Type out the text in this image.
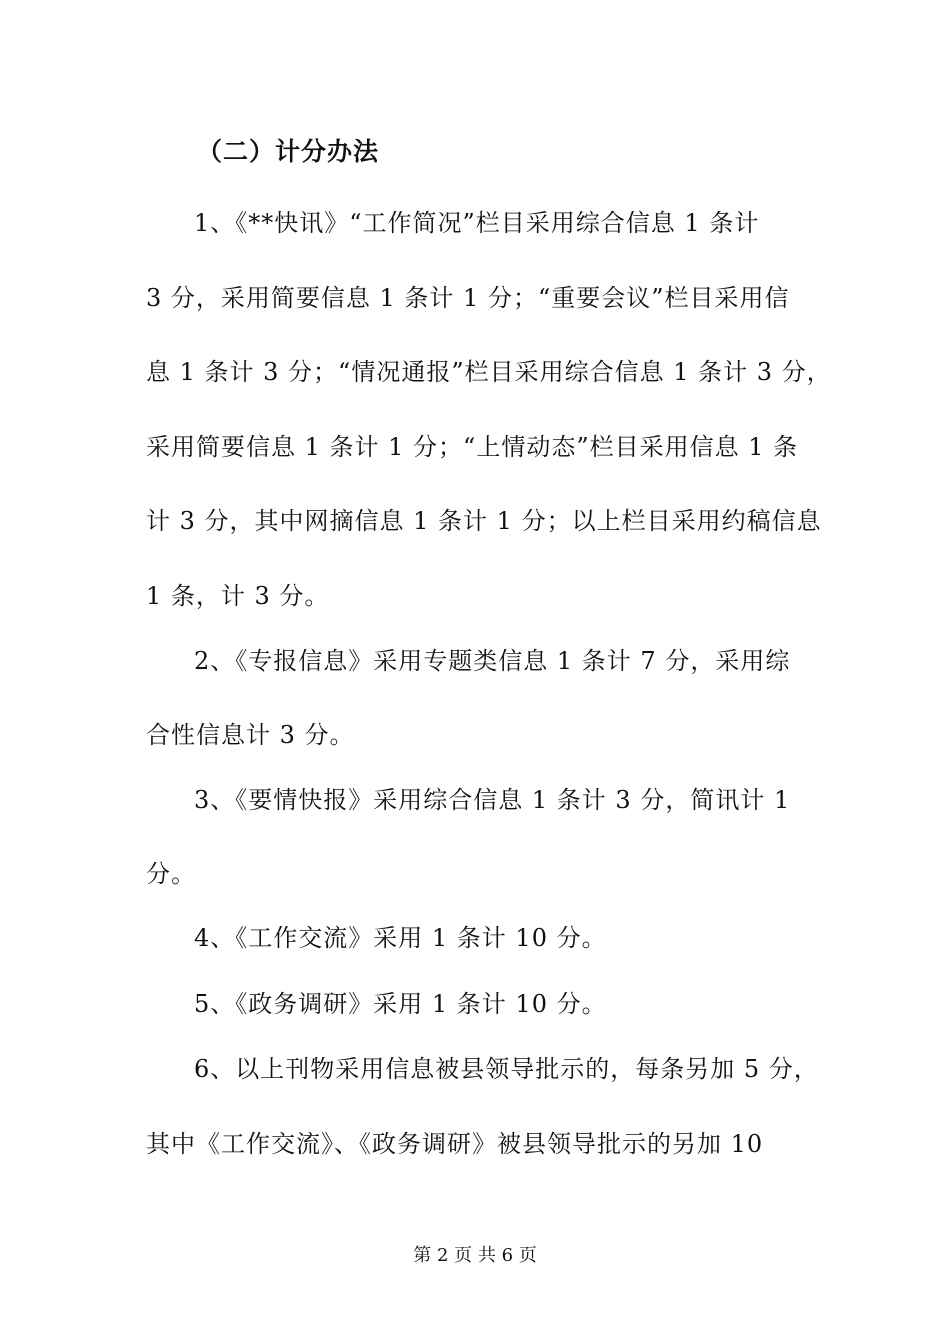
（二）计分办法
1、《**快讯》“工作简况”栏目采用综合信息 1 条计
3 分，采用简要信息 1 条计 1 分；“重要会议”栏目采用信
息 1 条计 3 分；“情况通报”栏目采用综合信息 1 条计 3 分，
采用简要信息 1 条计 1 分；“上情动态”栏目采用信息 1 条
计 3 分，其中网摘信息 1 条计 1 分；以上栏目采用约稿信息
1 条，计 3 分。
2、《专报信息》采用专题类信息 1 条计 7 分，采用综
合性信息计 3 分。
3、《要情快报》采用综合信息 1 条计 3 分，简讯计 1
分。
4、《工作交流》采用 1 条计 10 分。
5、《政务调研》采用 1 条计 10 分。
6、以上刊物采用信息被县领导批示的，每条另加 5 分，
其中《工作交流》、《政务调研》被县领导批示的另加 10
第 2 页 共 6 页
